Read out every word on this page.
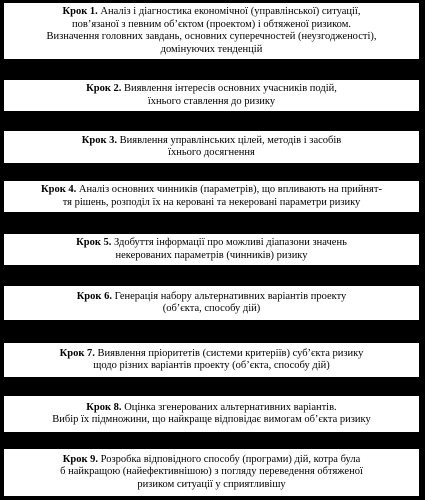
Крок 1. Аналіз і діагностика економічної (управлінської) ситуації,
пов’язаної з певним об’єктом (проектом) і обтяженої ризиком.
Визначення головних завдань, основних суперечностей (неузгодженості),
домінуючих тенденцій

Крок 2. Виявлення інтересів основних учасників подій,
їхнього ставлення до ризику

Крок 3. Виявлення управлінських цілей, методів і засобів
їхнього досягнення

Крок 4. Аналіз основних чинників (параметрів), що впливають на прийнят-
тя рішень, розподіл їх на керовані та некеровані параметри ризику

Крок 5. Здобуття інформації про можливі діапазони значень
некерованих параметрів (чинників) ризику

Крок 6. Генерація набору альтернативних варіантів проекту
(об’єкта, способу дій)

Крок 7. Виявлення пріоритетів (системи критеріїв) суб’єкта ризику
щодо різних варіантів проекту (об’єкта, способу дій)

Крок 8. Оцінка згенерованих альтернативних варіантів.
Вибір їх підмножини, що найкраще відповідає вимогам об’єкта ризику

Крок 9. Розробка відповідного способу (програми) дій, котра була
б найкращою (найефективнішою) з погляду переведення обтяженої
ризиком ситуації у сприятливішу
